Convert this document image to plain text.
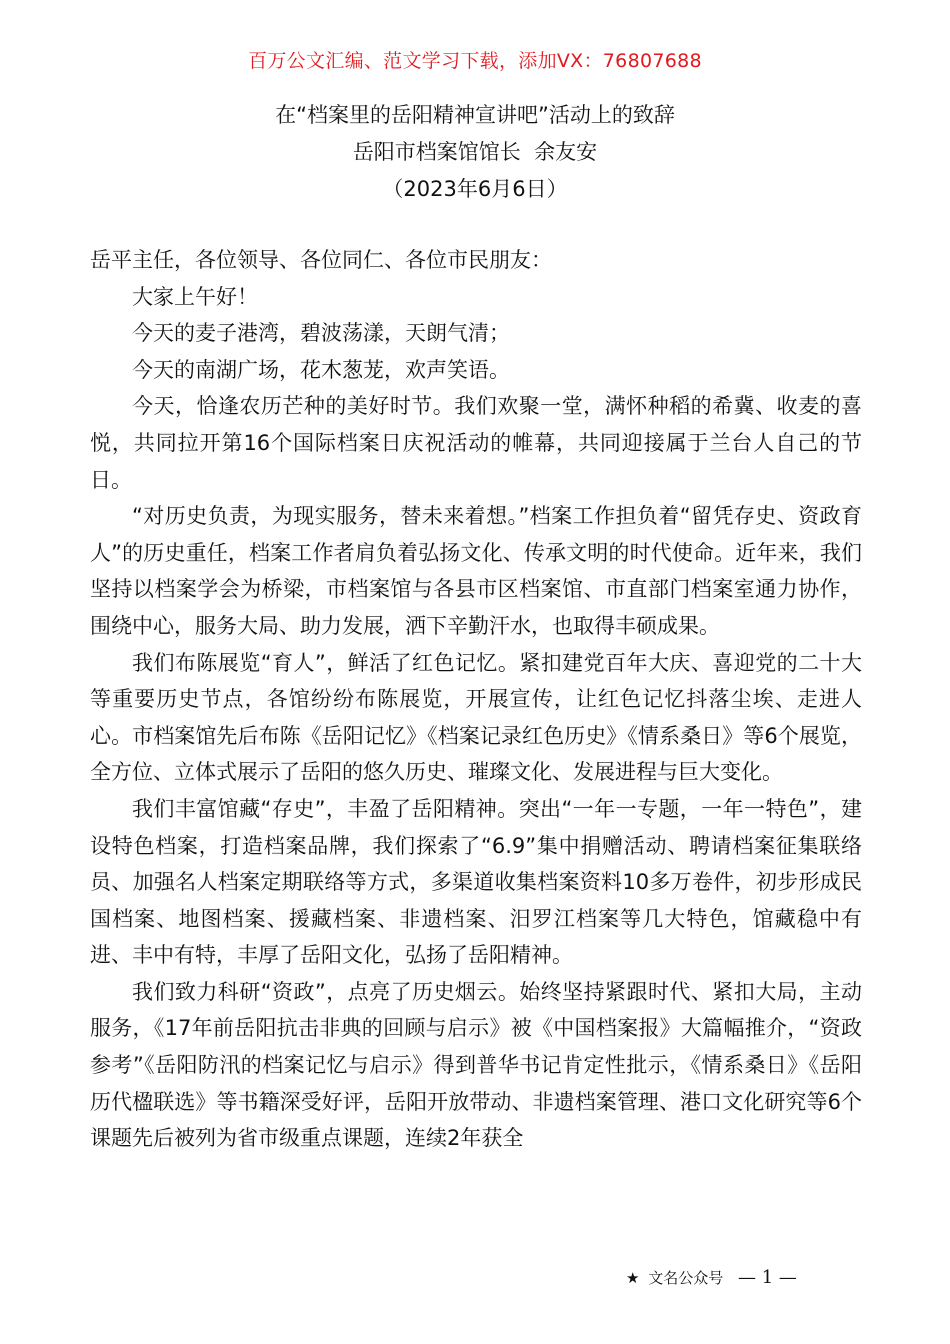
百万公文汇编、范文学习下载，添加VX：76807688
在“档案里的岳阳精神宣讲吧”活动上的致辞
岳阳市档案馆馆长  余友安
（2023年6月6日）

岳平主任，各位领导、各位同仁、各位市民朋友：

大家上午好！

今天的麦子港湾，碧波荡漾，天朗气清；

今天的南湖广场，花木葱茏，欢声笑语。

今天，恰逢农历芒种的美好时节。我们欢聚一堂，满怀种稻的希冀、收麦的喜悦，共同拉开第16个国际档案日庆祝活动的帷幕，共同迎接属于兰台人自己的节日。

“对历史负责，为现实服务，替未来着想。”档案工作担负着“留凭存史、资政育人”的历史重任，档案工作者肩负着弘扬文化、传承文明的时代使命。近年来，我们坚持以档案学会为桥梁，市档案馆与各县市区档案馆、市直部门档案室通力协作，围绕中心，服务大局、助力发展，洒下辛勤汗水，也取得丰硕成果。

我们布陈展览“育人”，鲜活了红色记忆。紧扣建党百年大庆、喜迎党的二十大等重要历史节点，各馆纷纷布陈展览，开展宣传，让红色记忆抖落尘埃、走进人心。市档案馆先后布陈《岳阳记忆》《档案记录红色历史》《情系桑日》等6个展览，全方位、立体式展示了岳阳的悠久历史、璀璨文化、发展进程与巨大变化。

我们丰富馆藏“存史”，丰盈了岳阳精神。突出“一年一专题，一年一特色”，建设特色档案，打造档案品牌，我们探索了“6.9”集中捐赠活动、聘请档案征集联络员、加强名人档案定期联络等方式，多渠道收集档案资料10多万卷件，初步形成民国档案、地图档案、援藏档案、非遗档案、汨罗江档案等几大特色，馆藏稳中有进、丰中有特，丰厚了岳阳文化，弘扬了岳阳精神。

我们致力科研“资政”，点亮了历史烟云。始终坚持紧跟时代、紧扣大局，主动服务，《17年前岳阳抗击非典的回顾与启示》被《中国档案报》大篇幅推介，“资政参考”《岳阳防汛的档案记忆与启示》得到普华书记肯定性批示，《情系桑日》《岳阳历代楹联选》等书籍深受好评，岳阳开放带动、非遗档案管理、港口文化研究等6个课题先后被列为省市级重点课题，连续2年获全

★ 文名公众号 — 1 —
